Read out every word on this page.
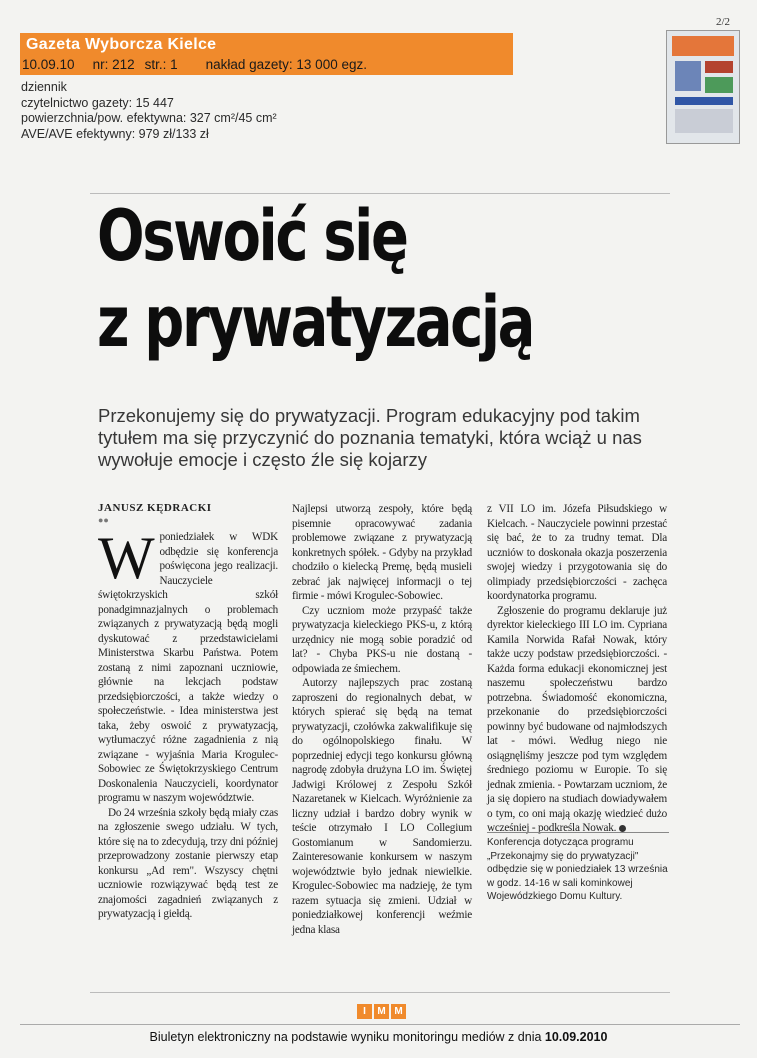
2/2
Gazeta Wyborcza Kielce
10.09.10 nr: 212 str.: 1 nakład gazety: 13 000 egz.
dziennik
czytelnictwo gazety: 15 447
powierzchnia/pow. efektywna: 327 cm²/45 cm²
AVE/AVE efektywny: 979 zł/133 zł
Oswoić się
z prywatyzacją
Przekonujemy się do prywatyzacji. Program edukacyjny pod takim tytułem ma się przyczynić do poznania tematyki, która wciąż u nas wywołuje emocje i często źle się kojarzy
JANUSZ KĘDRACKI
●●
W poniedziałek w WDK odbędzie się konferencja poświęcona jego realizacji. Nauczyciele świętokrzyskich szkół ponadgimnazjalnych o problemach związanych z prywatyzacją będą mogli dyskutować z przedstawicielami Ministerstwa Skarbu Państwa. Potem zostaną z nimi zapoznani uczniowie, głównie na lekcjach podstaw przedsiębiorczości, a także wiedzy o społeczeństwie. - Idea ministerstwa jest taka, żeby oswoić z prywatyzacją, wytłumaczyć różne zagadnienia z nią związane - wyjaśnia Maria Krogulec-Sobowiec ze Świętokrzyskiego Centrum Doskonalenia Nauczycieli, koordynator programu w naszym województwie.

Do 24 września szkoły będą miały czas na zgłoszenie swego udziału. W tych, które się na to zdecydują, trzy dni później przeprowadzony zostanie pierwszy etap konkursu „Ad rem". Wszyscy chętni uczniowie rozwiązywać będą test ze znajomości zagadnień związanych z prywatyzacją i giełdą.

Najlepsi utworzą zespoły, które będą pisemnie opracowywać zadania problemowe związane z prywatyzacją konkretnych spółek. - Gdyby na przykład chodziło o kielecką Premę, będą musieli zebrać jak najwięcej informacji o tej firmie - mówi Krogulec-Sobowiec.

Czy uczniom może przypaść także prywatyzacja kieleckiego PKS-u, z którą urzędnicy nie mogą sobie poradzić od lat? - Chyba PKS-u nie dostaną - odpowiada ze śmiechem.

Autorzy najlepszych prac zostaną zaproszeni do regionalnych debat, w których spierać się będą na temat prywatyzacji, czołówka zakwalifikuje się do ogólnopolskiego finału. W poprzedniej edycji tego konkursu główną nagrodę zdobyła drużyna LO im. Świętej Jadwigi Królowej z Zespołu Szkół Nazaretanek w Kielcach. Wyróżnienie za liczny udział i bardzo dobry wynik w teście otrzymało I LO Collegium Gostomianum w Sandomierzu. Zainteresowanie konkursem w naszym województwie było jednak niewielkie. Krogulec-Sobowiec ma nadzieję, że tym razem sytuacja się zmieni. Udział w poniedziałkowej konferencji weźmie jedna klasa

z VII LO im. Józefa Piłsudskiego w Kielcach. - Nauczyciele powinni przestać się bać, że to za trudny temat. Dla uczniów to doskonała okazja poszerzenia swojej wiedzy i przygotowania się do olimpiady przedsiębiorczości - zachęca koordynatorka programu.

Zgłoszenie do programu deklaruje już dyrektor kieleckiego III LO im. Cypriana Kamila Norwida Rafał Nowak, który także uczy podstaw przedsiębiorczości. - Każda forma edukacji ekonomicznej jest naszemu społeczeństwu bardzo potrzebna. Świadomość ekonomiczna, przekonanie do przedsiębiorczości powinny być budowane od najmłodszych lat - mówi. Według niego nie osiągnęliśmy jeszcze pod tym względem średniego poziomu w Europie. To się jednak zmienia. - Powtarzam uczniom, że ja się dopiero na studiach dowiadywałem o tym, co oni mają okazję wiedzieć dużo wcześniej - podkreśla Nowak.

Konferencja dotycząca programu „Przekonajmy się do prywatyzacji" odbędzie się w poniedziałek 13 września w godz. 14-16 w sali kominkowej Wojewódzkiego Domu Kultury.
I	M M
Biuletyn elektroniczny na podstawie wyniku monitoringu mediów z dnia 10.09.2010
